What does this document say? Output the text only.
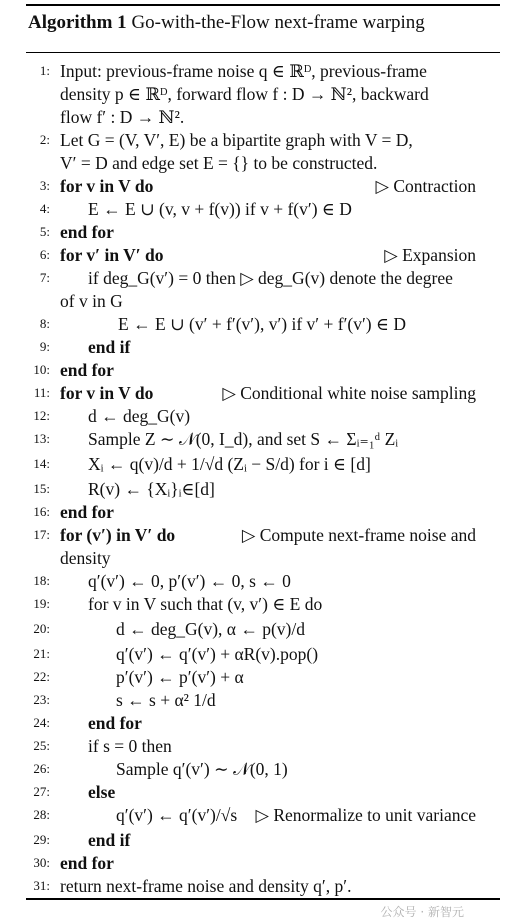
Algorithm 1 Go-with-the-Flow next-frame warping
1: Input: previous-frame noise q ∈ ℝᴰ, previous-frame
density p ∈ ℝᴰ, forward flow f : D → ℕ², backward
flow f′ : D → ℕ².
2: Let G = (V, V′, E) be a bipartite graph with V = D,
V′ = D and edge set E = {} to be constructed.
3: for v in V do	▷ Contraction
4: E ← E ∪ (v, v + f(v)) if v + f(v′) ∈ D
5: end for
6: for v′ in V′ do	▷ Expansion
7: if deg_G(v′) = 0 then ▷ deg_G(v) denote the degree
of v in G
8:	E ← E ∪ (v′ + f′(v′), v′) if v′ + f′(v′) ∈ D
9: end if
10: end for
11: for v in V do	▷ Conditional white noise sampling
12: d ← deg_G(v)
13: Sample Z ∼ 𝒩(0, I_d), and set S ← Σᵢ₌₁ᵈ Zᵢ
14: Xᵢ ← q(v)/d + 1/√d (Zᵢ − S/d) for i ∈ [d]
15: R(v) ← {Xᵢ}ᵢ∈[d]
16: end for
17: for (v′) in V′ do	▷ Compute next-frame noise and
density
18: q′(v′) ← 0, p′(v′) ← 0, s ← 0
19: for v in V such that (v, v′) ∈ E do
20:	d ← deg_G(v), α ← p(v)/d
21:	q′(v′) ← q′(v′) + αR(v).pop()
22:	p′(v′) ← p′(v′) + α
23:	s ← s + α² 1/d
24: end for
25: if s = 0 then
26:	Sample q′(v′) ∼ 𝒩(0, 1)
27: else
28:	q′(v′) ← q′(v′)/√s ▷ Renormalize to unit variance
29: end if
30: end for
31: return next-frame noise and density q′, p′.
公众号 · 新智元
